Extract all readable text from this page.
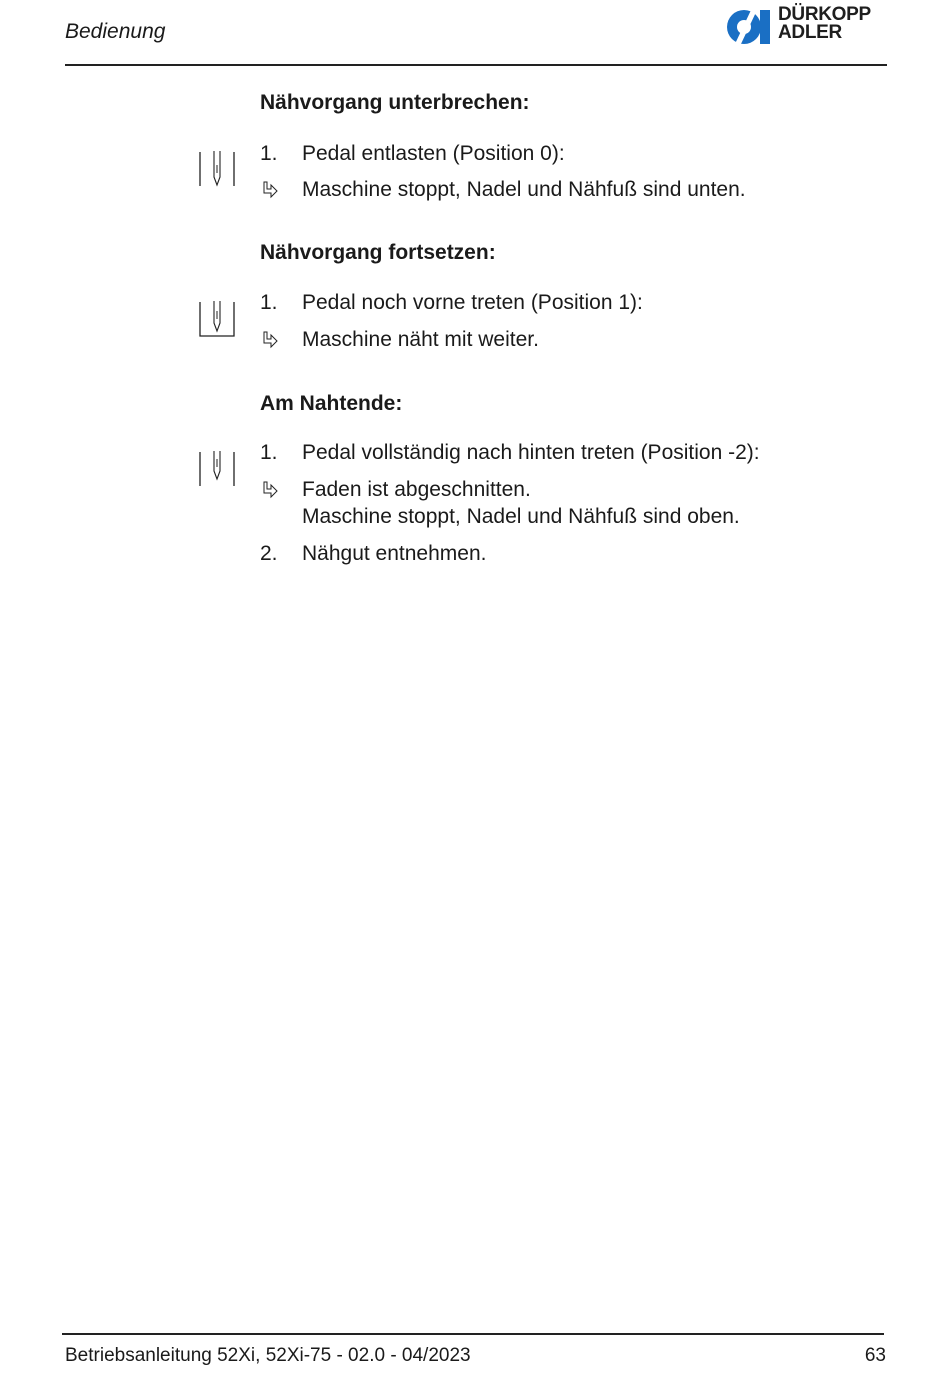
Bedienung
DÜRKOPP
ADLER
Nähvorgang unterbrechen:
1.	Pedal entlasten (Position 0):
Maschine stoppt, Nadel und Nähfuß sind unten.
Nähvorgang fortsetzen:
1.	Pedal noch vorne treten (Position 1):
Maschine näht mit weiter.
Am Nahtende:
1.	Pedal vollständig nach hinten treten (Position -2):
Faden ist abgeschnitten.
Maschine stoppt, Nadel und Nähfuß sind oben.
2.	Nähgut entnehmen.
Betriebsanleitung 52Xi, 52Xi-75 - 02.0 - 04/2023	63
